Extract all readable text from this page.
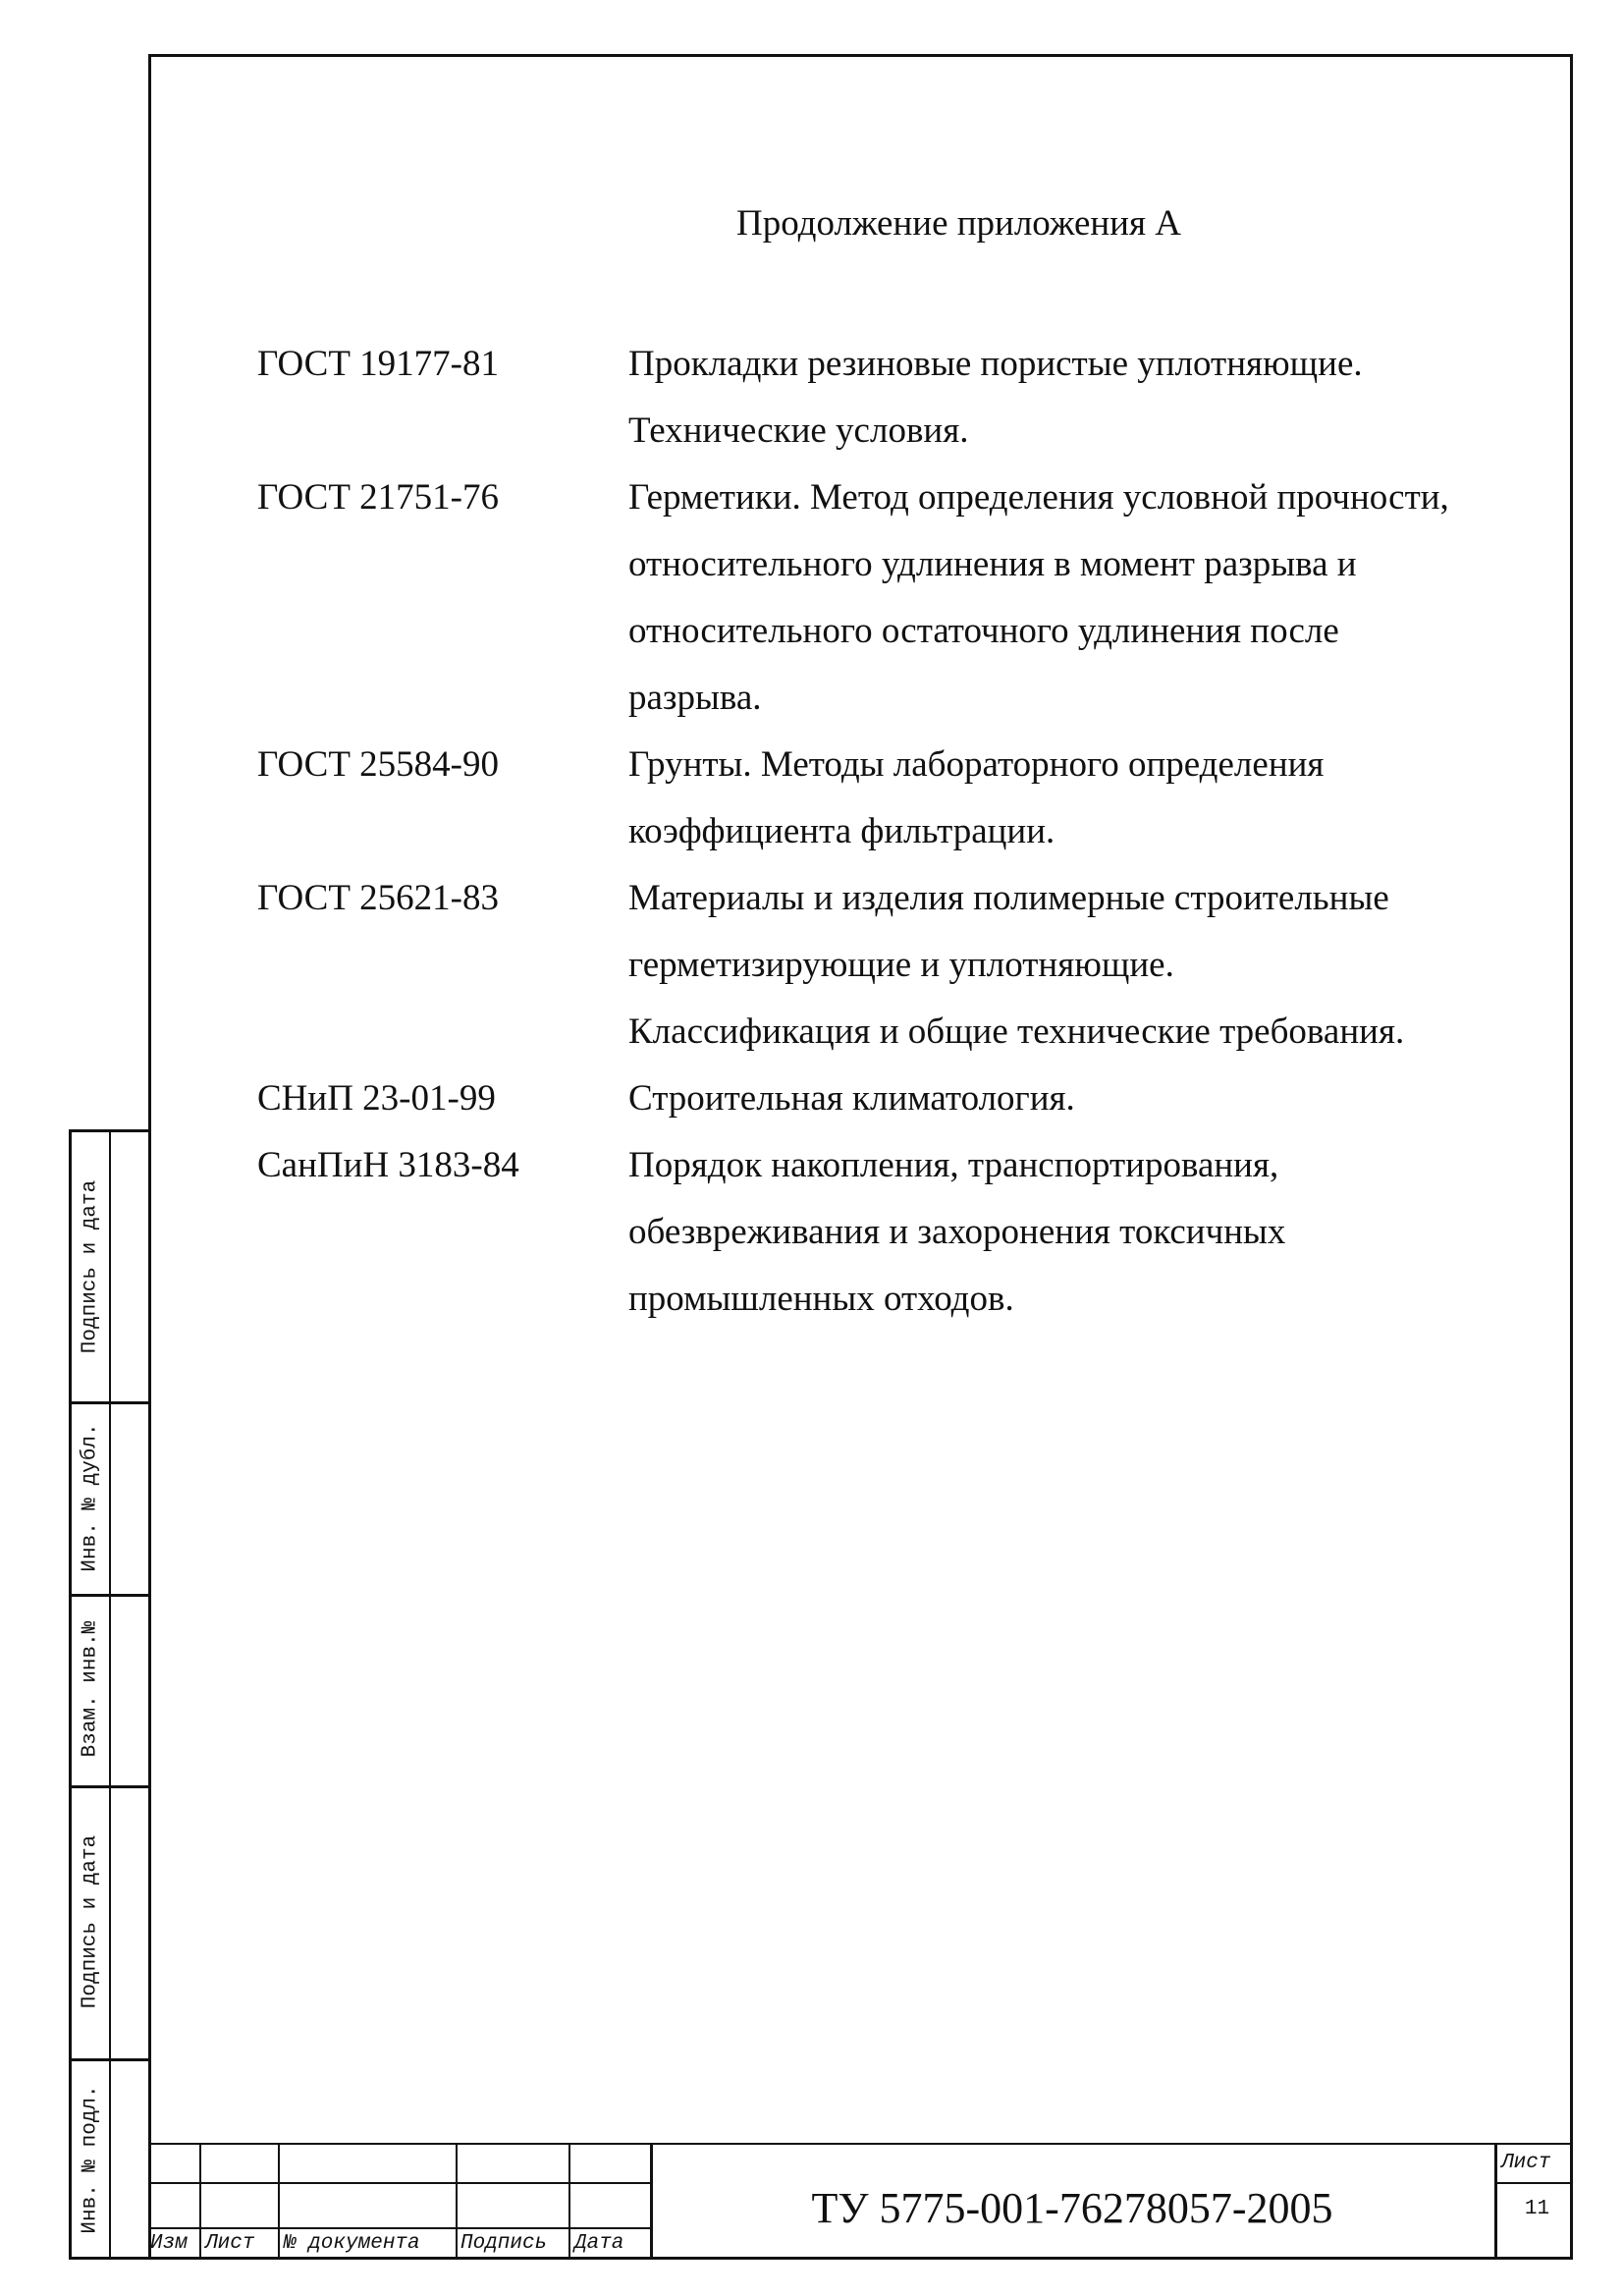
Продолжение приложения А
ГОСТ 19177-81	Прокладки резиновые пористые уплотняющие.
Технические условия.
ГОСТ 21751-76	Герметики. Метод определения условной прочности,
относительного удлинения в момент разрыва и
относительного остаточного удлинения после
разрыва.
ГОСТ 25584-90	Грунты. Методы лабораторного определения
коэффициента фильтрации.
ГОСТ 25621-83	Материалы и изделия полимерные строительные
герметизирующие и уплотняющие.
Классификация и общие технические требования.
СНиП 23-01-99	Строительная климатология.
СанПиН 3183-84	Порядок накопления, транспортирования,
обезвреживания и захоронения токсичных
промышленных отходов.
Подпись и дата
Инв. № дубл.
Взам. инв.№
Подпись и дата
Инв. № подл.
Изм Лист № документа Подпись Дата
ТУ 5775-001-76278057-2005
Лист
11
